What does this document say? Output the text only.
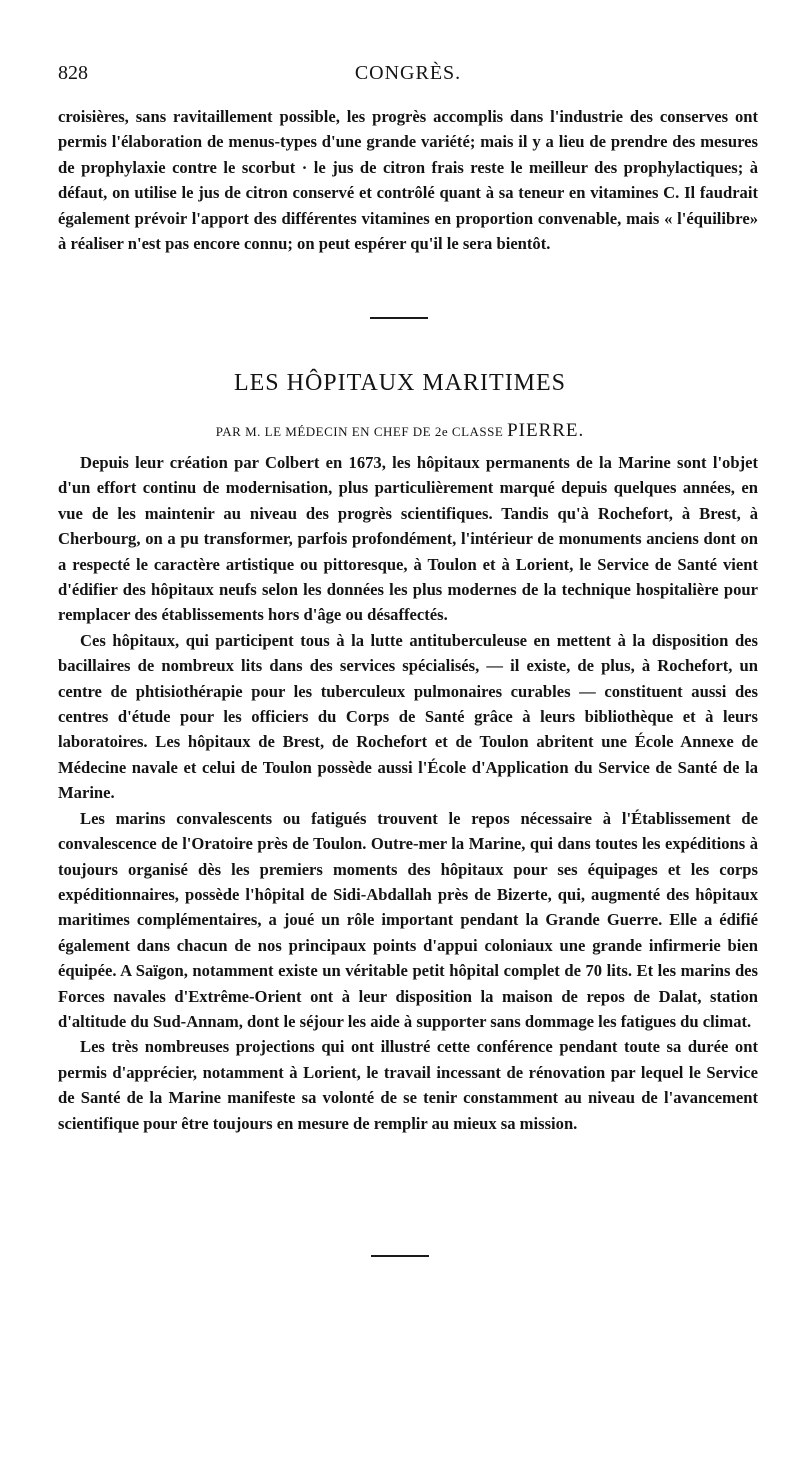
828	CONGRÈS.

croisières, sans ravitaillement possible, les progrès accomplis dans l'industrie des conserves ont permis l'élaboration de menus-types d'une grande variété; mais il y a lieu de prendre des mesures de prophylaxie contre le scorbut · le jus de citron frais reste le meilleur des prophylactiques; à défaut, on utilise le jus de citron conservé et contrôlé quant à sa teneur en vitamines C. Il faudrait également prévoir l'apport des différentes vitamines en proportion convenable, mais « l'équilibre» à réaliser n'est pas encore connu; on peut espérer qu'il le sera bientôt.

LES HÔPITAUX MARITIMES
PAR M. LE MÉDECIN EN CHEF DE 2e CLASSE PIERRE.

Depuis leur création par Colbert en 1673, les hôpitaux permanents de la Marine sont l'objet d'un effort continu de modernisation, plus particulièrement marqué depuis quelques années, en vue de les maintenir au niveau des progrès scientifiques. Tandis qu'à Rochefort, à Brest, à Cherbourg, on a pu transformer, parfois profondément, l'intérieur de monuments anciens dont on a respecté le caractère artistique ou pittoresque, à Toulon et à Lorient, le Service de Santé vient d'édifier des hôpitaux neufs selon les données les plus modernes de la technique hospitalière pour remplacer des établissements hors d'âge ou désaffectés.

Ces hôpitaux, qui participent tous à la lutte antituberculeuse en mettent à la disposition des bacillaires de nombreux lits dans des services spécialisés, — il existe, de plus, à Rochefort, un centre de phtisiothérapie pour les tuberculeux pulmonaires curables — constituent aussi des centres d'étude pour les officiers du Corps de Santé grâce à leurs bibliothèque et à leurs laboratoires. Les hôpitaux de Brest, de Rochefort et de Toulon abritent une École Annexe de Médecine navale et celui de Toulon possède aussi l'École d'Application du Service de Santé de la Marine.

Les marins convalescents ou fatigués trouvent le repos nécessaire à l'Établissement de convalescence de l'Oratoire près de Toulon. Outre-mer la Marine, qui dans toutes les expéditions à toujours organisé dès les premiers moments des hôpitaux pour ses équipages et les corps expéditionnaires, possède l'hôpital de Sidi-Abdallah près de Bizerte, qui, augmenté des hôpitaux maritimes complémentaires, a joué un rôle important pendant la Grande Guerre. Elle a édifié également dans chacun de nos principaux points d'appui coloniaux une grande infirmerie bien équipée. A Saïgon, notamment existe un véritable petit hôpital complet de 70 lits. Et les marins des Forces navales d'Extrême-Orient ont à leur disposition la maison de repos de Dalat, station d'altitude du Sud-Annam, dont le séjour les aide à supporter sans dommage les fatigues du climat.

Les très nombreuses projections qui ont illustré cette conférence pendant toute sa durée ont permis d'apprécier, notamment à Lorient, le travail incessant de rénovation par lequel le Service de Santé de la Marine manifeste sa volonté de se tenir constamment au niveau de l'avancement scientifique pour être toujours en mesure de remplir au mieux sa mission.
